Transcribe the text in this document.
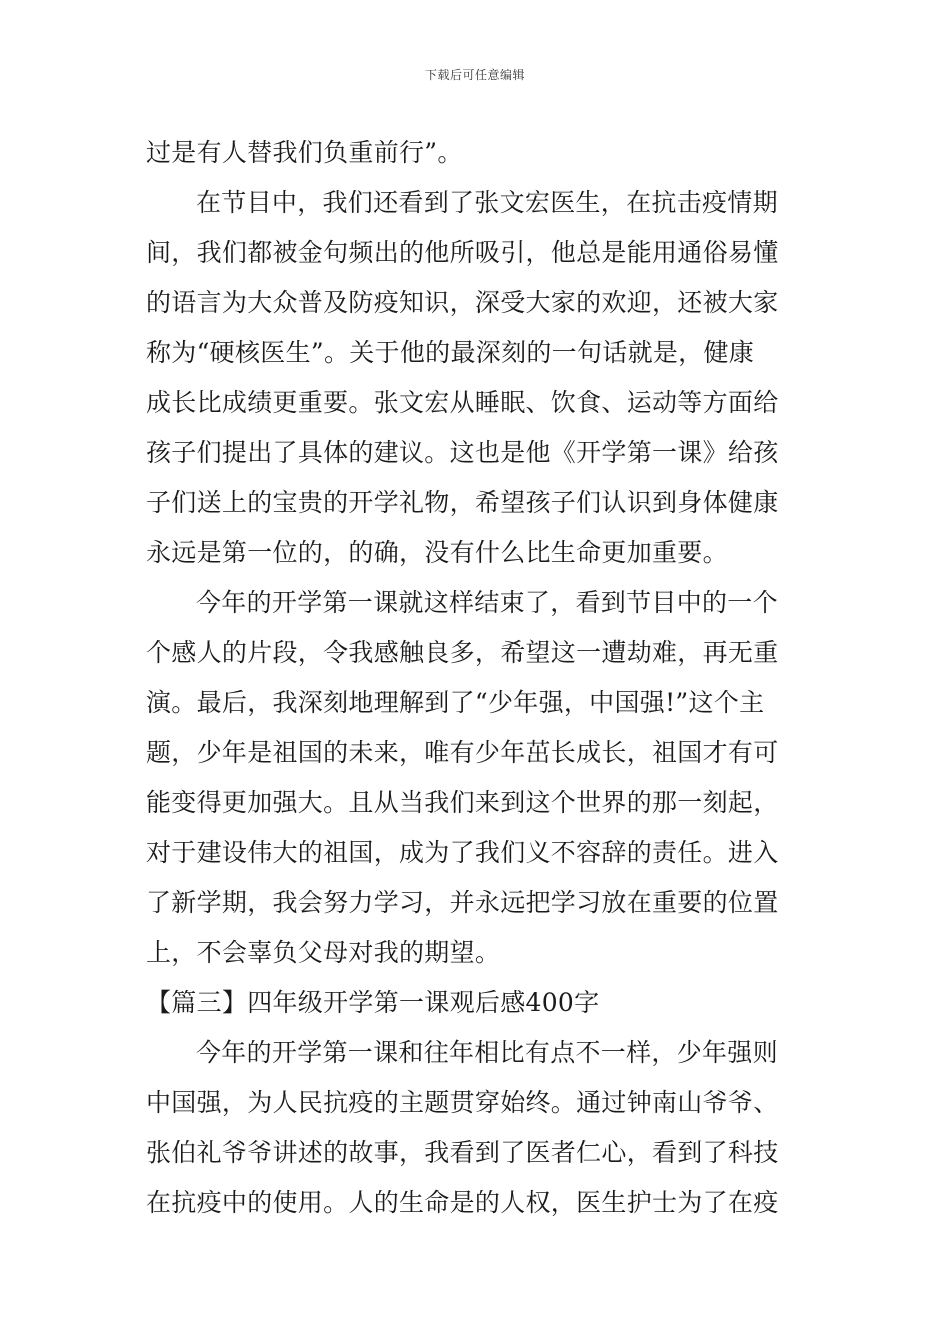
下载后可任意编辑
过是有人替我们负重前行”。
在节目中，我们还看到了张文宏医生，在抗击疫情期
间，我们都被金句频出的他所吸引，他总是能用通俗易懂
的语言为大众普及防疫知识，深受大家的欢迎，还被大家
称为“硬核医生”。关于他的最深刻的一句话就是，健康
成长比成绩更重要。张文宏从睡眠、饮食、运动等方面给
孩子们提出了具体的建议。这也是他《开学第一课》给孩
子们送上的宝贵的开学礼物，希望孩子们认识到身体健康
永远是第一位的，的确，没有什么比生命更加重要。
今年的开学第一课就这样结束了，看到节目中的一个
个感人的片段，令我感触良多，希望这一遭劫难，再无重
演。最后，我深刻地理解到了“少年强，中国强!”这个主
题，少年是祖国的未来，唯有少年茁长成长，祖国才有可
能变得更加强大。且从当我们来到这个世界的那一刻起，
对于建设伟大的祖国，成为了我们义不容辞的责任。进入
了新学期，我会努力学习，并永远把学习放在重要的位置
上，不会辜负父母对我的期望。
【篇三】四年级开学第一课观后感400字
今年的开学第一课和往年相比有点不一样，少年强则
中国强，为人民抗疫的主题贯穿始终。通过钟南山爷爷、
张伯礼爷爷讲述的故事，我看到了医者仁心，看到了科技
在抗疫中的使用。人的生命是的人权，医生护士为了在疫
